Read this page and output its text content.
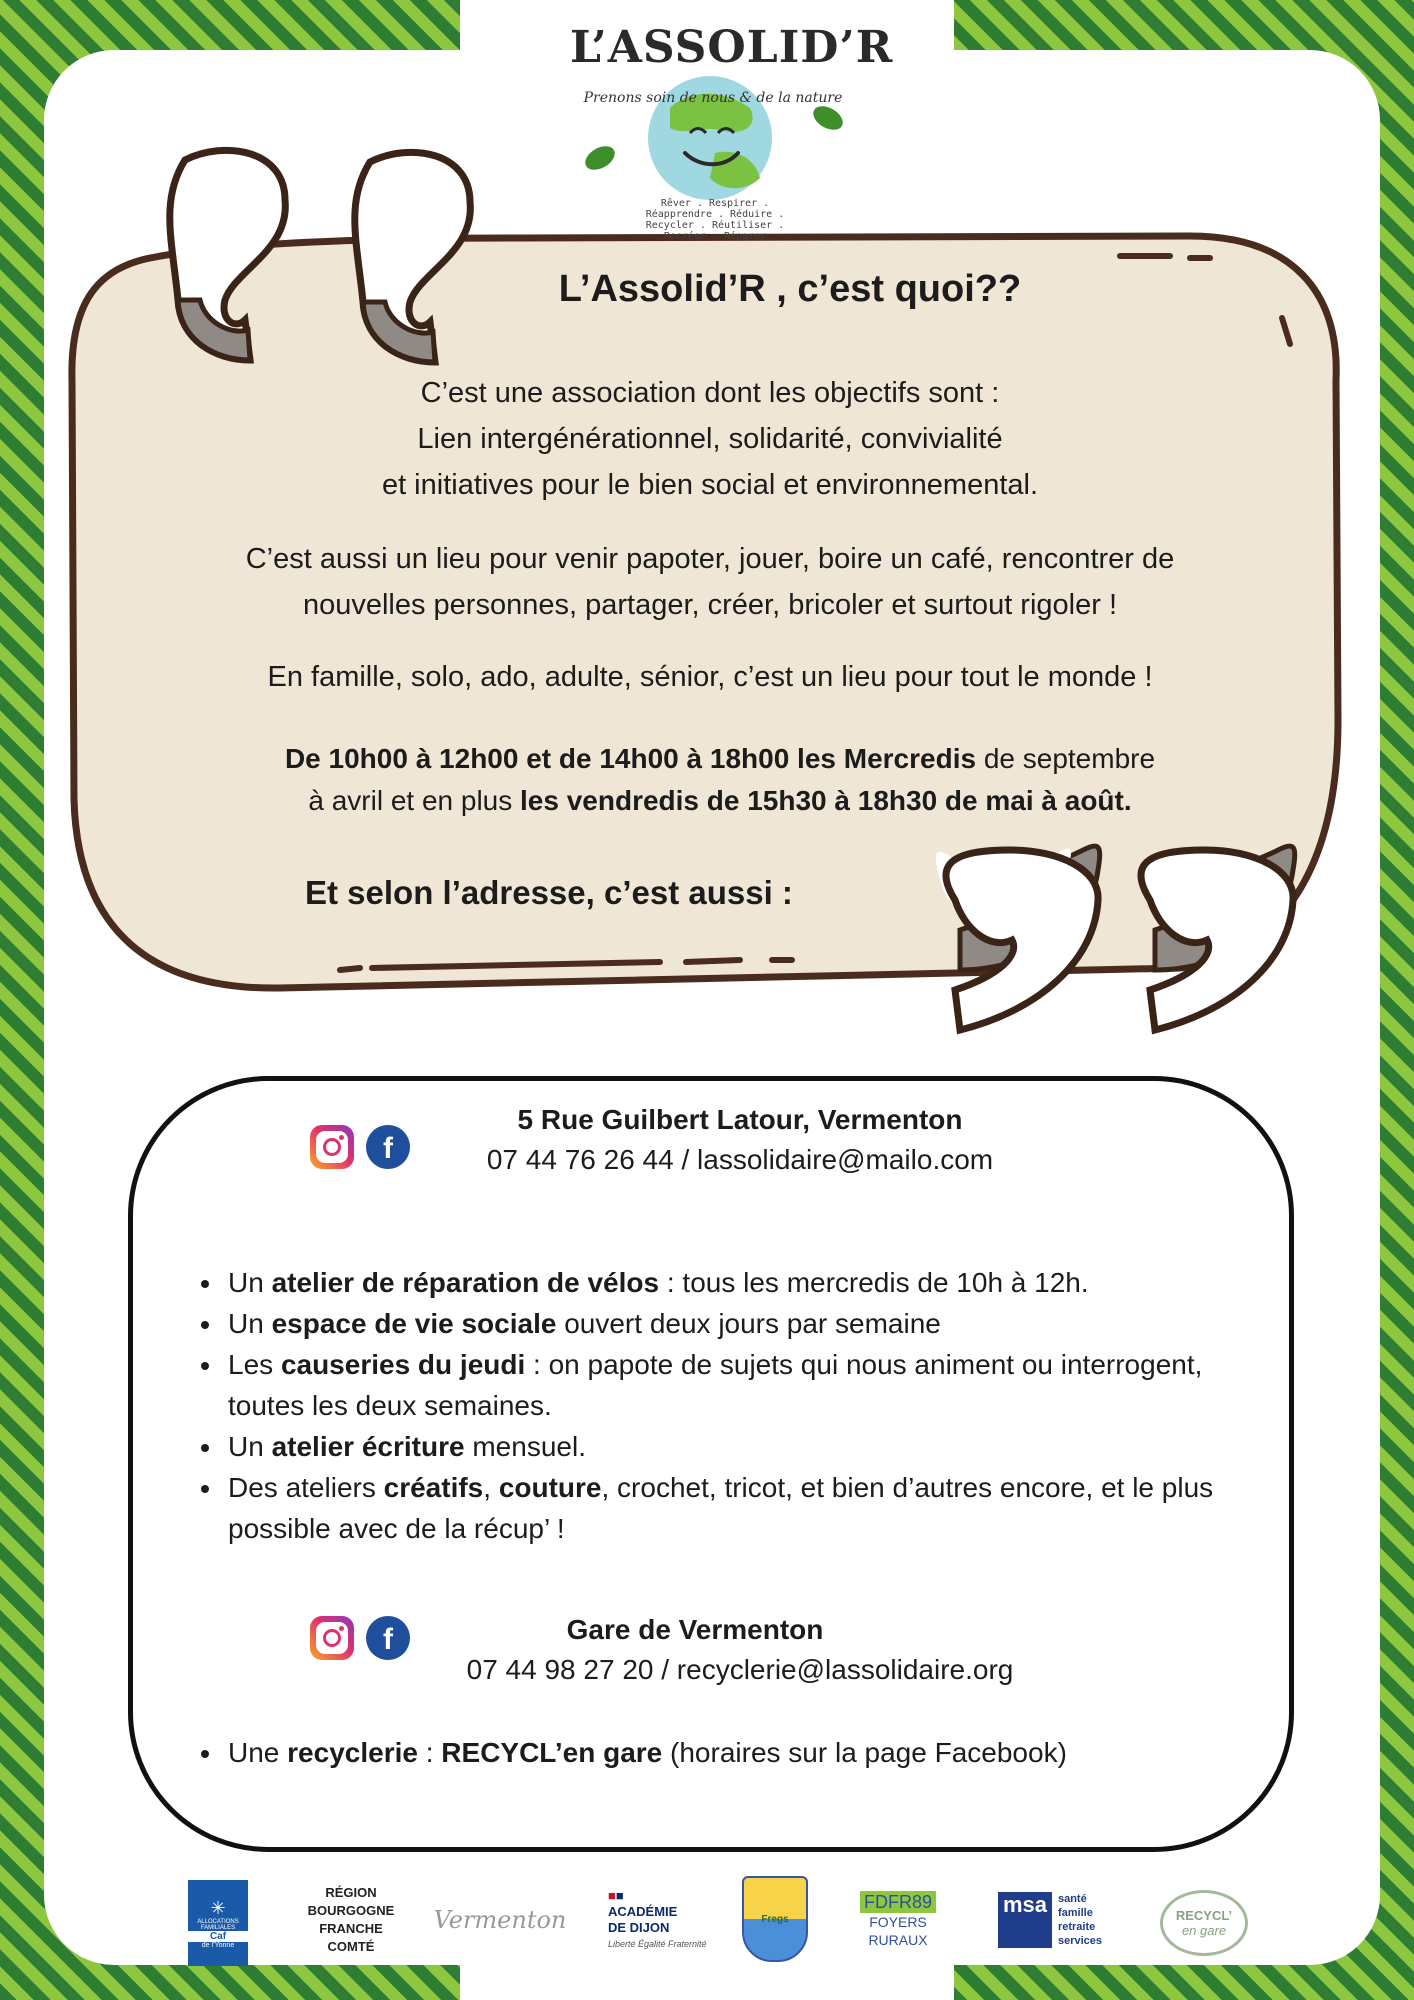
L’ASSOLID’R
Prenons soin de nous & de la nature
Rêver . Respirer . Réapprendre . Réduire . Recycler . Réutiliser . Recréer . Réparer
L’Assolid’R , c’est quoi??
C’est une association dont les objectifs sont :
Lien intergénérationnel, solidarité, convivialité
et initiatives pour le bien social et environnemental.
C’est aussi un lieu pour venir papoter, jouer, boire un café, rencontrer de
nouvelles personnes, partager, créer, bricoler et surtout rigoler !
En famille, solo, ado, adulte, sénior, c’est un lieu pour tout le monde !
De 10h00 à 12h00 et de 14h00 à 18h00 les Mercredis de septembre
à avril et en plus les vendredis de 15h30 à 18h30 de mai à août.
Et selon l’adresse, c’est aussi :
f
5 Rue Guilbert Latour, Vermenton
07 44 76 26 44 / lassolidaire@mailo.com
• Un atelier de réparation de vélos : tous les mercredis de 10h à 12h.
• Un espace de vie sociale ouvert deux jours par semaine
• Les causeries du jeudi : on papote de sujets qui nous animent ou interrogent, toutes les deux semaines.
• Un atelier écriture mensuel.
• Des ateliers créatifs, couture, crochet, tricot, et bien d’autres encore, et le plus possible avec de la récup’ !
f	Gare de Vermenton
07 44 98 27 20 / recyclerie@lassolidaire.org
• Une recyclerie : RECYCL’en gare (horaires sur la page Facebook)
✳
ALLOCATIONS FAMILIALES
Caf
de l’Yonne
RÉGION
BOURGOGNE
FRANCHE
COMTÉ
Vermenton
■■
ACADÉMIE
DE DIJON
Liberté Égalité Fraternité
Fregs
FDFR89
FOYERS
RURAUX
msa santé
famille
retraite
services
RECYCL’
en gare
